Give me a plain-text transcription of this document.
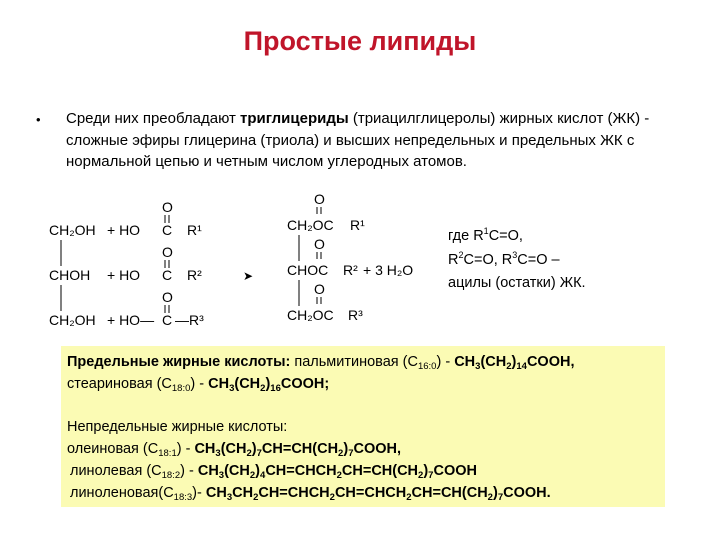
Простые липиды
• Среди них преобладают триглицериды (триацилглицеролы) жирных кислот (ЖК) - сложные эфиры глицерина (триола) и высших непредельных и предельных ЖК с нормальной цепью и четным числом углеродных атомов.
CH₂OH
CHOH
CH₂OH
+ HO
+ HO
+ HO—
O
O
O
C
C
C
R¹
R²
—R³
➤
O
O
O
CH₂OC
CHOC
CH₂OC
R¹
R²
R³
+ 3 H₂O
где $R^1C=O$,
$R^2C=O$, $R^3C=O$ –
ацилы (остатки) ЖК.
Предельные жирные кислоты: пальмитиновая $(С_{16:0})$ - $CH_3(CH_2)_{14}COOH$,
стеариновая $(С_{18:0})$ - $CH_3(CH_2)_{16}COOH$;
Непредельные жирные кислоты:
олеиновая $(С_{18:1})$ - $CH_3(CH_2)_7CH=CH(CH_2)_7COOH$,
линолевая $(С_{18:2})$ - $CH_3(CH_2)_4CH=CHCH_2CH=CH(CH_2)_7COOH$
$линоленовая(С_{18:3})-$ $CH_3CH_2CH=CHCH_2CH=CHCH_2CH=CH(CH_2)_7COOH$.
